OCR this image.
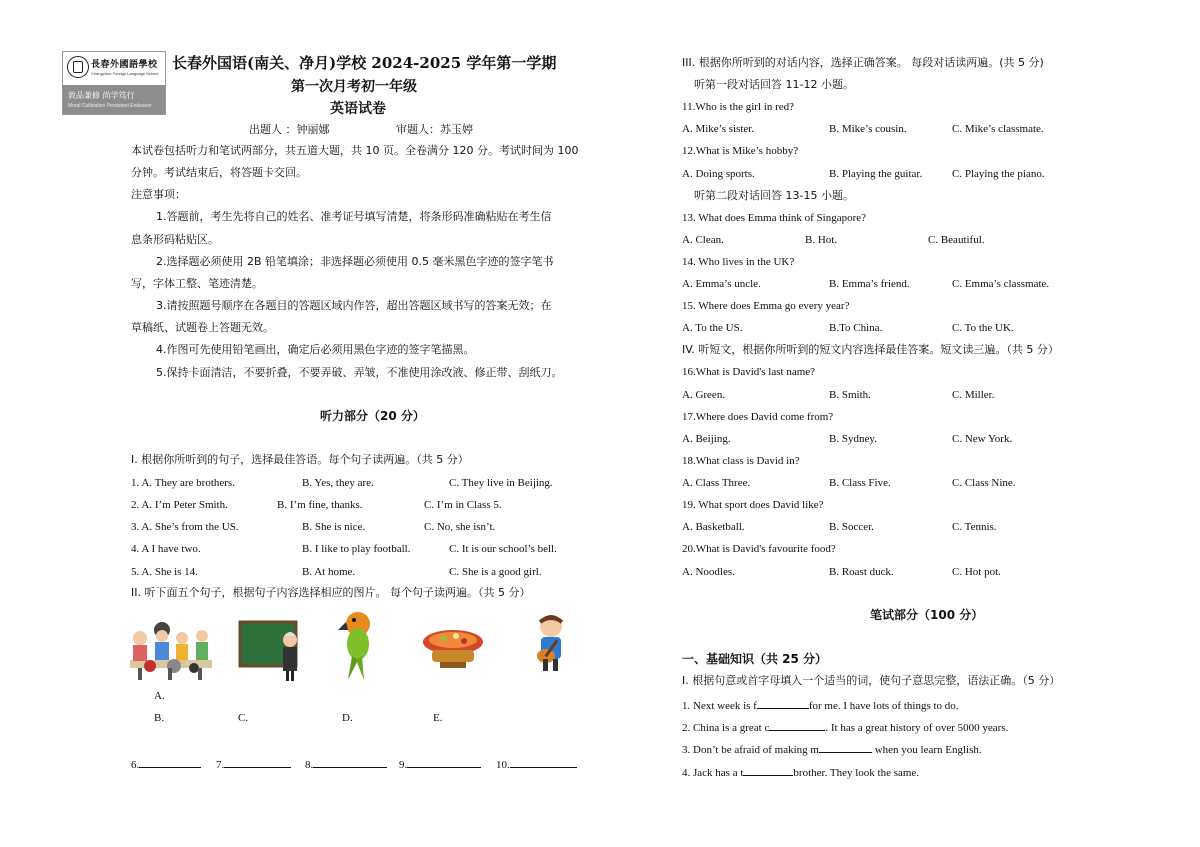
長春外國語學校
Changchun Foreign Language School
敦品兼修 尚学笃行
Moral Cultivation Persistent Endeavor
长春外国语(南关、净月)学校 2024-2025 学年第一学期
第一次月考初一年级
英语试卷
出题人 ：钟丽娜	审题人：苏玉婷
本试卷包括听力和笔试两部分，共五道大题，共 10 页。全卷满分 120 分。考试时间为 100
分钟。考试结束后，将答题卡交回。
注意事项：
1.答题前，考生先将自己的姓名、准考证号填写清楚，将条形码准确粘贴在考生信
息条形码粘贴区。
2.选择题必须使用 2B 铅笔填涂；非选择题必须使用 0.5 毫米黑色字迹的签字笔书
写，字体工整、笔迹清楚。
3.请按照题号顺序在各题目的答题区域内作答，超出答题区域书写的答案无效；在
草稿纸、试题卷上答题无效。
4.作图可先使用铅笔画出，确定后必须用黑色字迹的签字笔描黑。
5.保持卡面清洁，不要折叠，不要弄破、弄皱，不准使用涂改液、修正带、刮纸刀。
听力部分（20 分）
I. 根据你所听到的句子，选择最佳答语。每个句子读两遍。（共 5 分）
1. A. They are brothers.	B. Yes, they are.	C. They live in Beijing.
2. A. I’m Peter Smith.	B. I’m fine, thanks.	C. I’m in Class 5.
3. A. She’s from the US.	B. She is nice.	C. No, she isn’t.
4. A I have two.	B. I like to play football.	C. It is our school’s bell.
5. A. She is 14.	B. At home.	C. She is a good girl.
II. 听下面五个句子，根据句子内容选择相应的图片。 每个句子读两遍。（共 5 分）
A.
B.	C.	D.	E.
6.	7.	8.	9.	10.
III. 根据你所听到的对话内容，选择正确答案。 每段对话读两遍。(共 5 分)
听第一段对话回答 11-12 小题。
11.Who is the girl in red?
A. Mike’s sister.	B. Mike’s cousin.	C. Mike’s classmate.
12.What is Mike’s hobby?
A. Doing sports.	B. Playing the guitar.	C. Playing the piano.
听第二段对话回答 13-15 小题。
13. What does Emma think of Singapore?
A. Clean.	B. Hot.	C. Beautiful.
14. Who lives in the UK?
A. Emma’s uncle.	B. Emma’s friend.	C. Emma’s classmate.
15. Where does Emma go every year?
A. To the US.	B.To China.	C. To the UK.
IV. 听短文，根据你所听到的短文内容选择最佳答案。短文读三遍。（共 5 分）
16.What is David's last name?
A. Green.	B. Smith.	C. Miller.
17.Where does David come from?
A. Beijing.	B. Sydney.	C. New York.
18.What class is David in?
A. Class Three.	B. Class Five.	C. Class Nine.
19. What sport does David like?
A. Basketball.	B. Soccer.	C. Tennis.
20.What is David's favourite food?
A. Noodles.	B. Roast duck.	C. Hot pot.
笔试部分（100 分）
一、基础知识（共 25 分）
I. 根据句意或首字母填入一个适当的词，使句子意思完整，语法正确。（5 分）
1. Next week is f	for me. I have lots of things to do.
2. China is a great c	. It has a great history of over 5000 years.
3. Don’t be afraid of making m	when you learn English.
4. Jack has a t	brother. They look the same.
